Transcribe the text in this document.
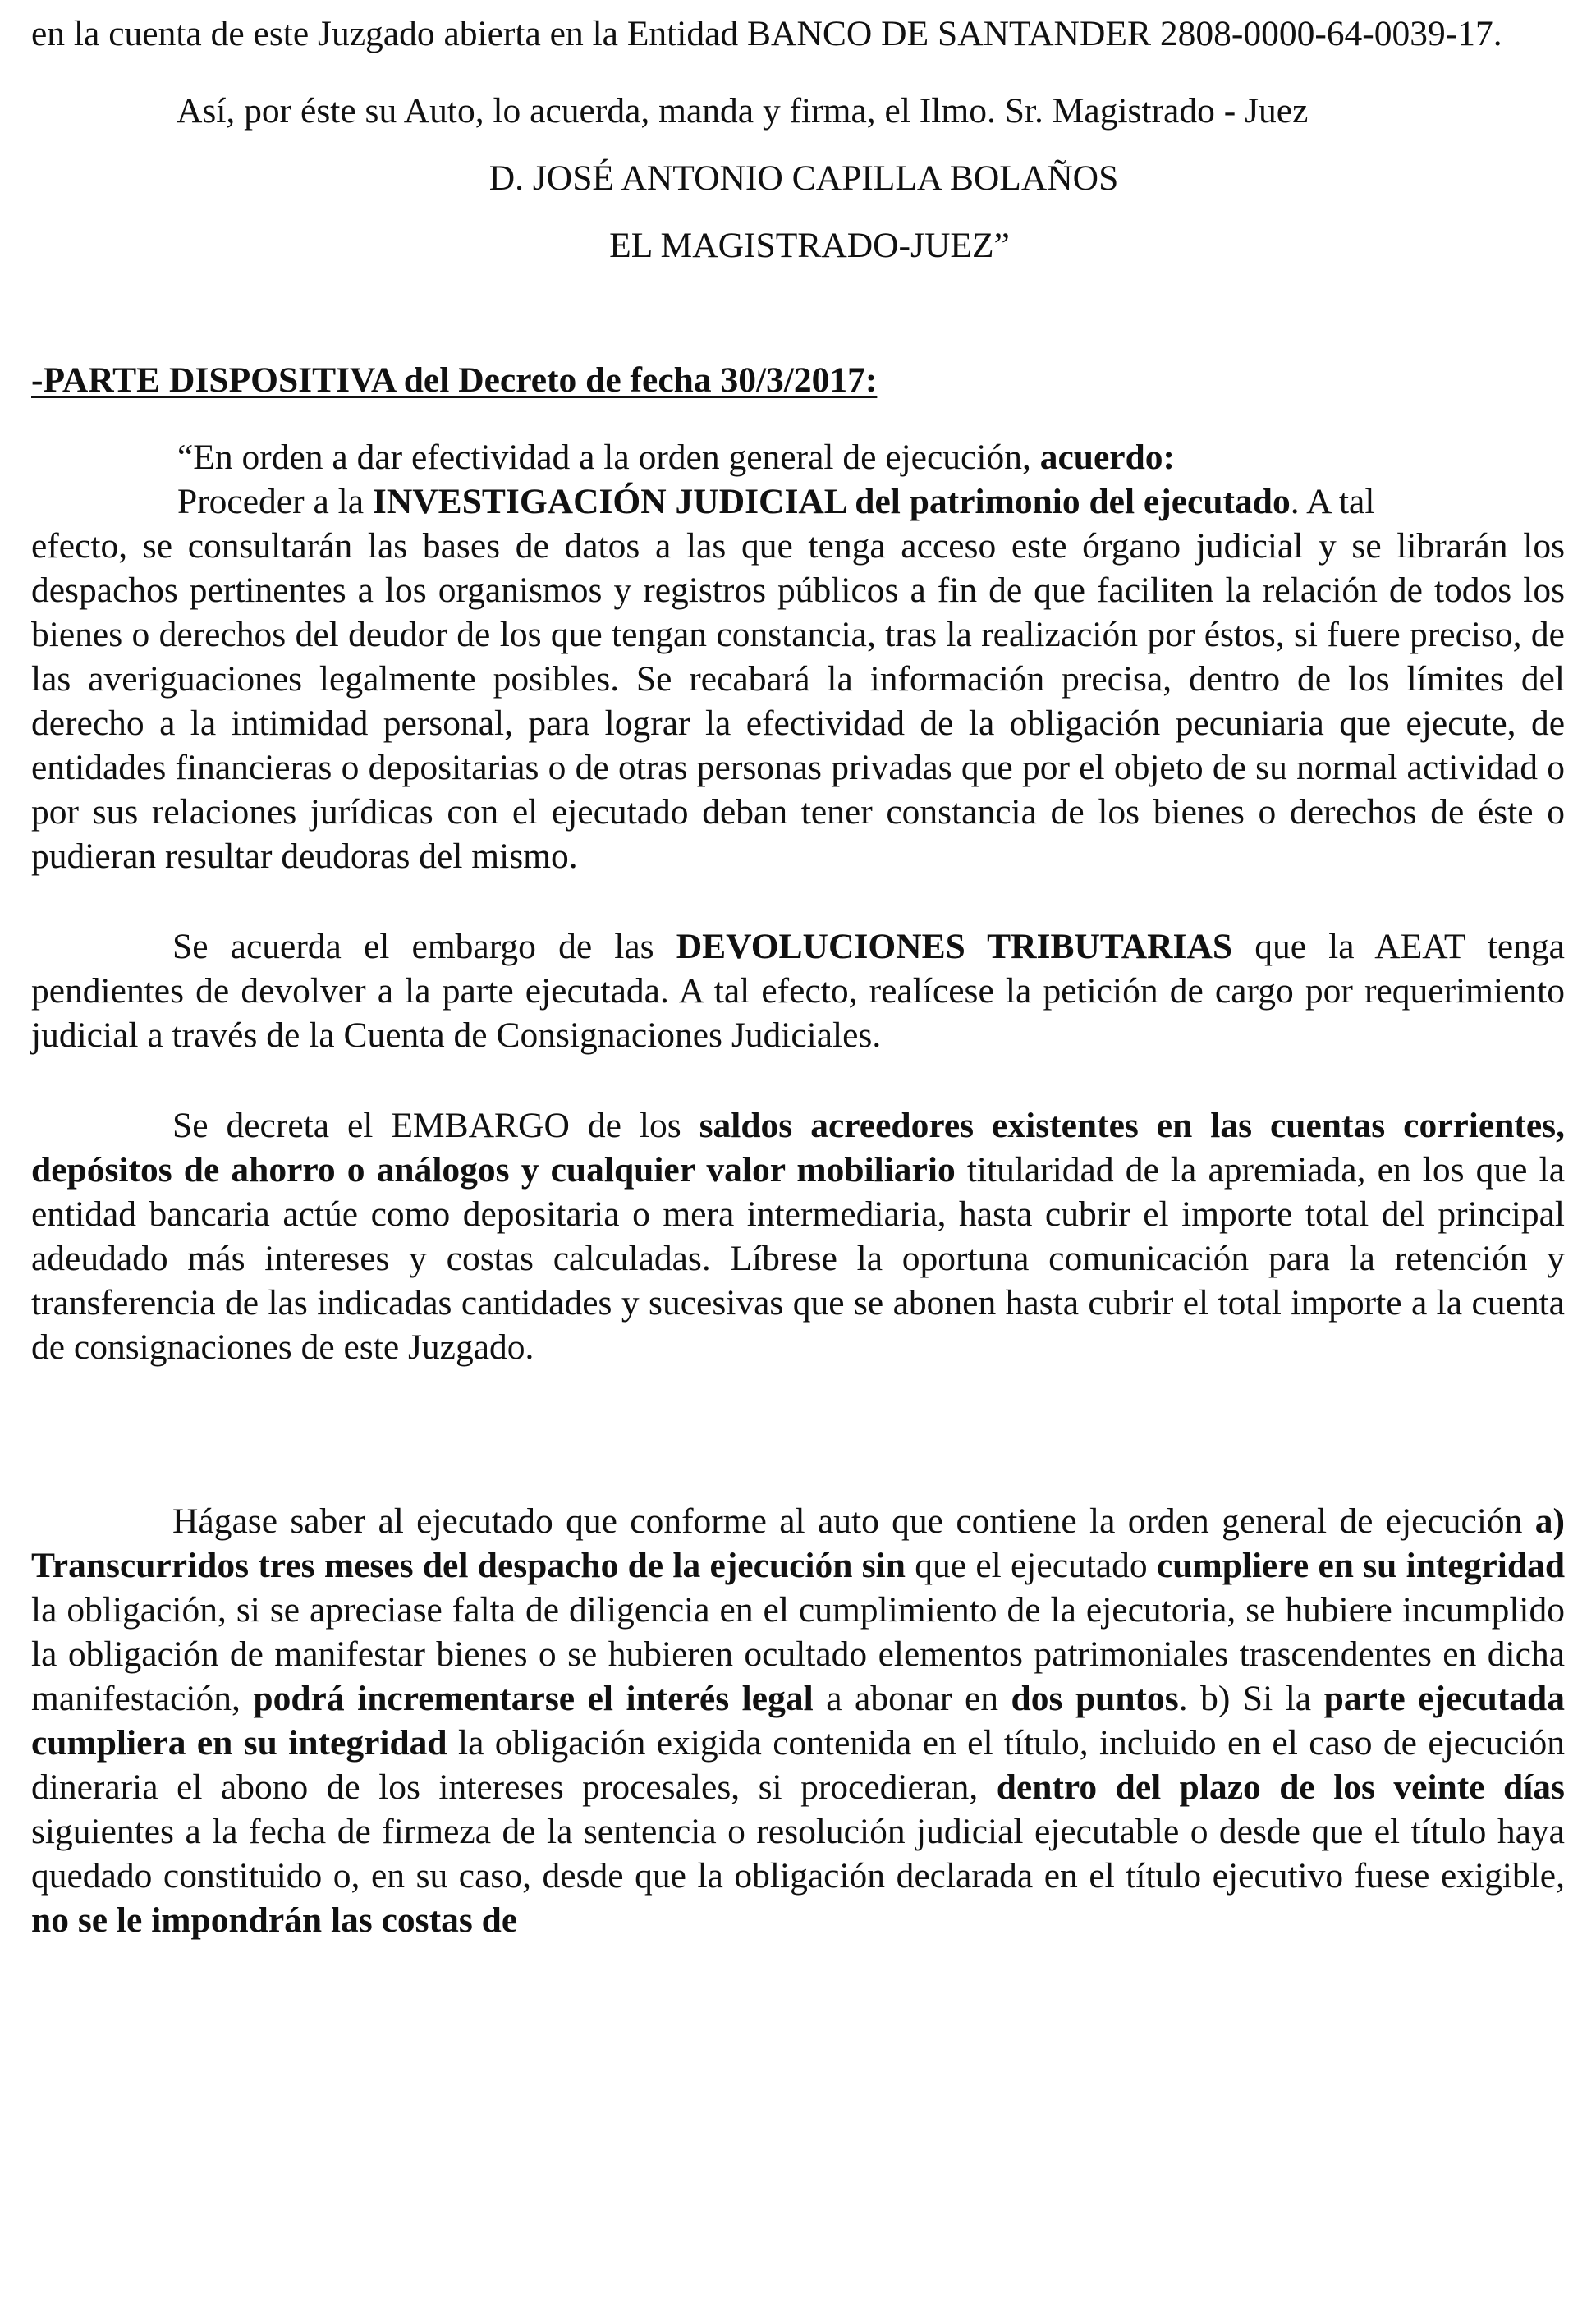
en la cuenta de este Juzgado abierta en la Entidad BANCO DE SANTANDER 2808-0000-64-0039-17.

Así, por éste su Auto, lo acuerda, manda y firma, el Ilmo. Sr. Magistrado - Juez

D. JOSÉ ANTONIO CAPILLA BOLAÑOS

EL MAGISTRADO-JUEZ”

-PARTE DISPOSITIVA del Decreto de fecha 30/3/2017:

“En orden a dar efectividad a la orden general de ejecución, acuerdo:

Proceder a la INVESTIGACIÓN JUDICIAL del patrimonio del ejecutado. A tal

efecto, se consultarán las bases de datos a las que tenga acceso este órgano judicial y se librarán los despachos pertinentes a los organismos y registros públicos a fin de que faciliten la relación de todos los bienes o derechos del deudor de los que tengan constancia, tras la realización por éstos, si fuere preciso, de las averiguaciones legalmente posibles. Se recabará la información precisa, dentro de los límites del derecho a la intimidad personal, para lograr la efectividad de la obligación pecuniaria que ejecute, de entidades financieras o depositarias o de otras personas privadas que por el objeto de su normal actividad o por sus relaciones jurídicas con el ejecutado deban tener constancia de los bienes o derechos de éste o pudieran resultar deudoras del mismo.

Se acuerda el embargo de las DEVOLUCIONES TRIBUTARIAS que la AEAT tenga pendientes de devolver a la parte ejecutada. A tal efecto, realícese la petición de cargo por requerimiento judicial a través de la Cuenta de Consignaciones Judiciales.

Se decreta el EMBARGO de los saldos acreedores existentes en las cuentas corrientes, depósitos de ahorro o análogos y cualquier valor mobiliario titularidad de la apremiada, en los que la entidad bancaria actúe como depositaria o mera intermediaria, hasta cubrir el importe total del principal adeudado más intereses y costas calculadas. Líbrese la oportuna comunicación para la retención y transferencia de las indicadas cantidades y sucesivas que se abonen hasta cubrir el total importe a la cuenta de consignaciones de este Juzgado.

Hágase saber al ejecutado que conforme al auto que contiene la orden general de ejecución a) Transcurridos tres meses del despacho de la ejecución sin que el ejecutado cumpliere en su integridad la obligación, si se apreciase falta de diligencia en el cumplimiento de la ejecutoria, se hubiere incumplido la obligación de manifestar bienes o se hubieren ocultado elementos patrimoniales trascendentes en dicha manifestación, podrá incrementarse el interés legal a abonar en dos puntos. b) Si la parte ejecutada cumpliera en su integridad la obligación exigida contenida en el título, incluido en el caso de ejecución dineraria el abono de los intereses procesales, si procedieran, dentro del plazo de los veinte días siguientes a la fecha de firmeza de la sentencia o resolución judicial ejecutable o desde que el título haya quedado constituido o, en su caso, desde que la obligación declarada en el título ejecutivo fuese exigible, no se le impondrán las costas de
